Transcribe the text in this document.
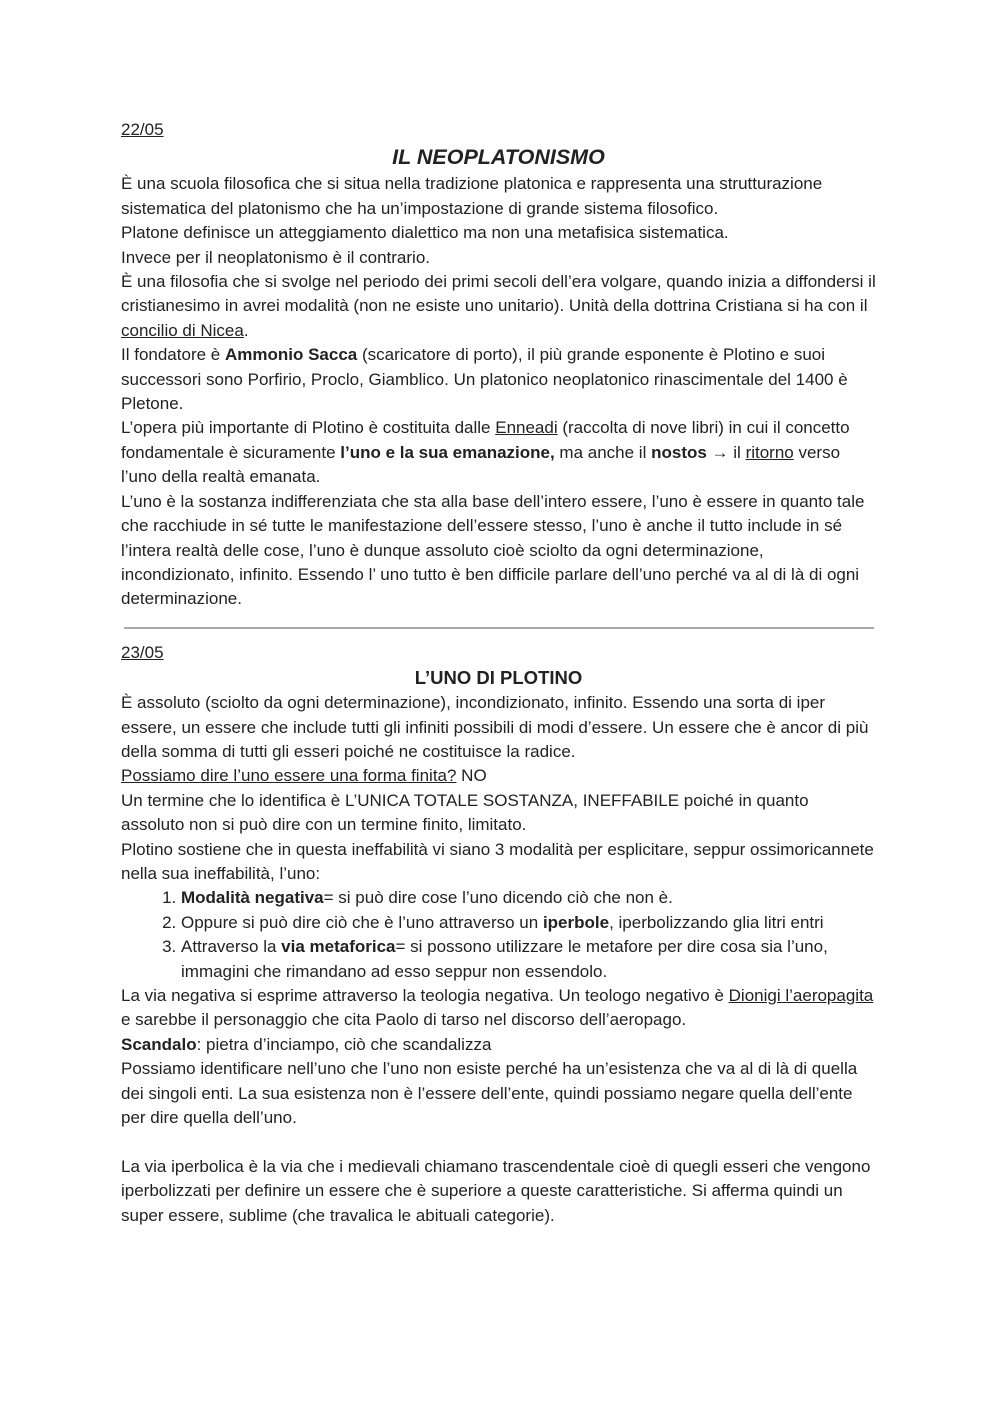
22/05
IL NEOPLATONISMO

È una scuola filosofica che si situa nella tradizione platonica e rappresenta una strutturazione sistematica del platonismo che ha un’impostazione di grande sistema filosofico.

Platone definisce un atteggiamento dialettico ma non una metafisica sistematica.

Invece per il neoplatonismo è il contrario.

È una filosofia che si svolge nel periodo dei primi secoli dell’era volgare, quando inizia a diffondersi il cristianesimo in avrei modalità (non ne esiste uno unitario). Unità della dottrina Cristiana si ha con il concilio di Nicea.

Il fondatore è Ammonio Sacca (scaricatore di porto), il più grande esponente è Plotino e suoi successori sono Porfirio, Proclo, Giamblico. Un platonico neoplatonico rinascimentale del 1400 è Pletone.

L’opera più importante di Plotino è costituita dalle Enneadi (raccolta di nove libri) in cui il concetto fondamentale è sicuramente l’uno e la sua emanazione, ma anche il nostos → il ritorno verso l’uno della realtà emanata.

L’uno è la sostanza indifferenziata che sta alla base dell’intero essere, l’uno è essere in quanto tale che racchiude in sé tutte le manifestazione dell’essere stesso, l’uno è anche il tutto include in sé l’intera realtà delle cose, l’uno è dunque assoluto cioè sciolto da ogni determinazione, incondizionato, infinito. Essendo l’ uno tutto è ben difficile parlare dell’uno perché va al di là di ogni determinazione.

23/05
L’UNO DI PLOTINO

È assoluto (sciolto da ogni determinazione), incondizionato, infinito. Essendo una sorta di iper essere, un essere che include tutti gli infiniti possibili di modi d’essere. Un essere che è ancor di più della somma di tutti gli esseri poiché ne costituisce la radice.

Possiamo dire l’uno essere una forma finita? NO

Un termine che lo identifica è L’UNICA TOTALE SOSTANZA, INEFFABILE poiché in quanto assoluto non si può dire con un termine finito, limitato.

Plotino sostiene che in questa ineffabilità vi siano 3 modalità per esplicitare, seppur ossimoricannete nella sua ineffabilità, l’uno:

1. Modalità negativa= si può dire cose l’uno dicendo ciò che non è.
2. Oppure si può dire ciò che è l’uno attraverso un iperbole, iperbolizzando glia litri entri
3. Attraverso la via metaforica= si possono utilizzare le metafore per dire cosa sia l’uno, immagini che rimandano ad esso seppur non essendolo.

La via negativa si esprime attraverso la teologia negativa. Un teologo negativo è Dionigi l’aeropagita e sarebbe il personaggio che cita Paolo di tarso nel discorso dell’aeropago.

Scandalo: pietra d’inciampo, ciò che scandalizza

Possiamo identificare nell’uno che l’uno non esiste perché ha un’esistenza che va al di là di quella dei singoli enti. La sua esistenza non è l’essere dell’ente, quindi possiamo negare quella dell’ente per dire quella dell’uno.

La via iperbolica è la via che i medievali chiamano trascendentale cioè di quegli esseri che vengono iperbolizzati per definire un essere che è superiore a queste caratteristiche. Si afferma quindi un super essere, sublime (che travalica le abituali categorie).
